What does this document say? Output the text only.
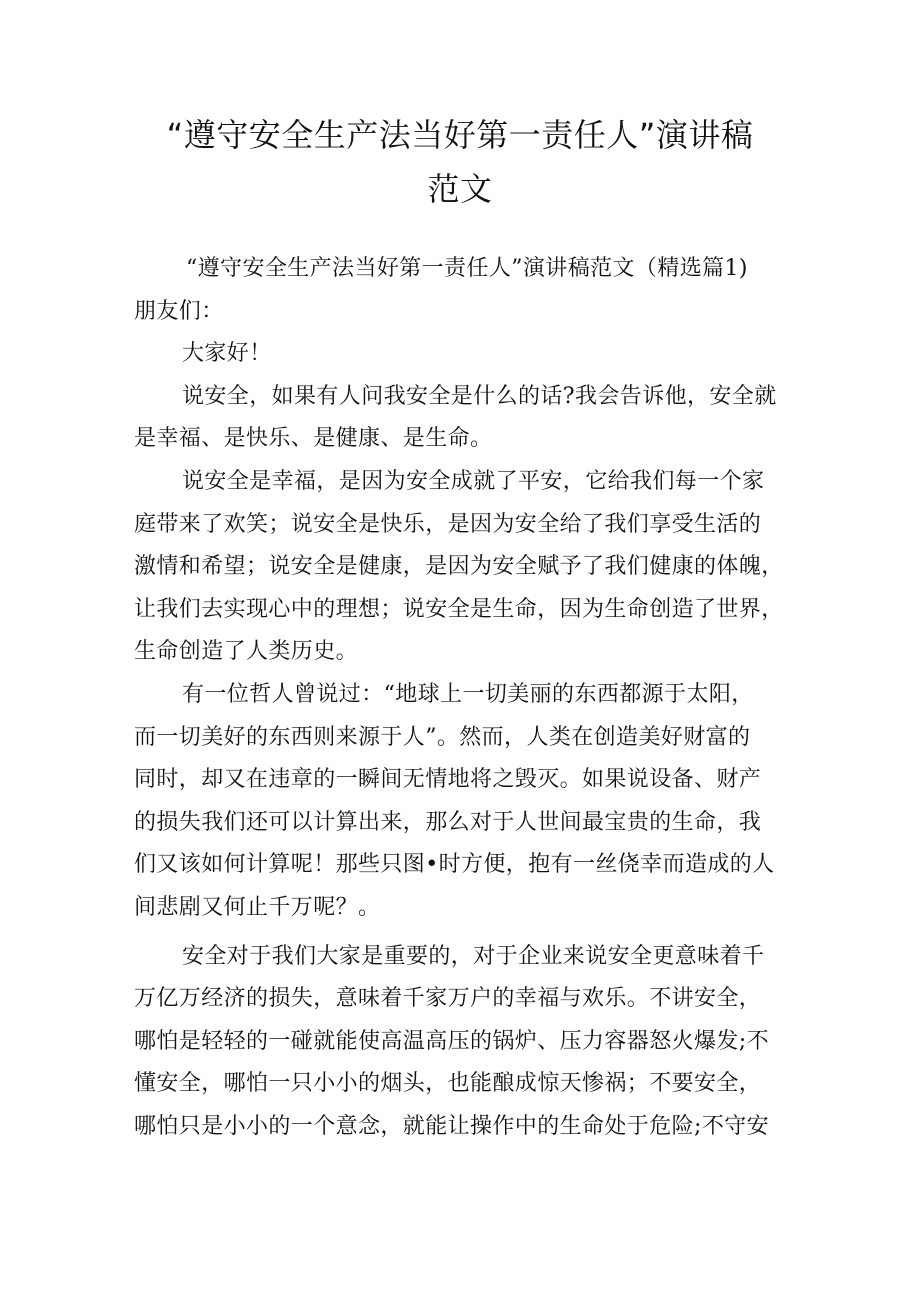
“遵守安全生产法当好第一责任人”演讲稿
范文
“遵守安全生产法当好第一责任人”演讲稿范文（精选篇1)
朋友们：
大家好！
说安全，如果有人问我安全是什么的话?我会告诉他，安全就
是幸福、是快乐、是健康、是生命。
说安全是幸福，是因为安全成就了平安，它给我们每一个家
庭带来了欢笑；说安全是快乐，是因为安全给了我们享受生活的
激情和希望；说安全是健康，是因为安全赋予了我们健康的体魄，
让我们去实现心中的理想；说安全是生命，因为生命创造了世界，
生命创造了人类历史。
有一位哲人曾说过：“地球上一切美丽的东西都源于太阳，
而一切美好的东西则来源于人”。然而，人类在创造美好财富的
同时，却又在违章的一瞬间无情地将之毁灭。如果说设备、财产
的损失我们还可以计算出来，那么对于人世间最宝贵的生命，我
们又该如何计算呢！那些只图•时方便，抱有一丝侥幸而造成的人
间悲剧又何止千万呢？。
安全对于我们大家是重要的，对于企业来说安全更意味着千
万亿万经济的损失，意味着千家万户的幸福与欢乐。不讲安全，
哪怕是轻轻的一碰就能使高温高压的锅炉、压力容器怒火爆发;不
懂安全，哪怕一只小小的烟头，也能酿成惊天惨祸；不要安全，
哪怕只是小小的一个意念，就能让操作中的生命处于危险;不守安
